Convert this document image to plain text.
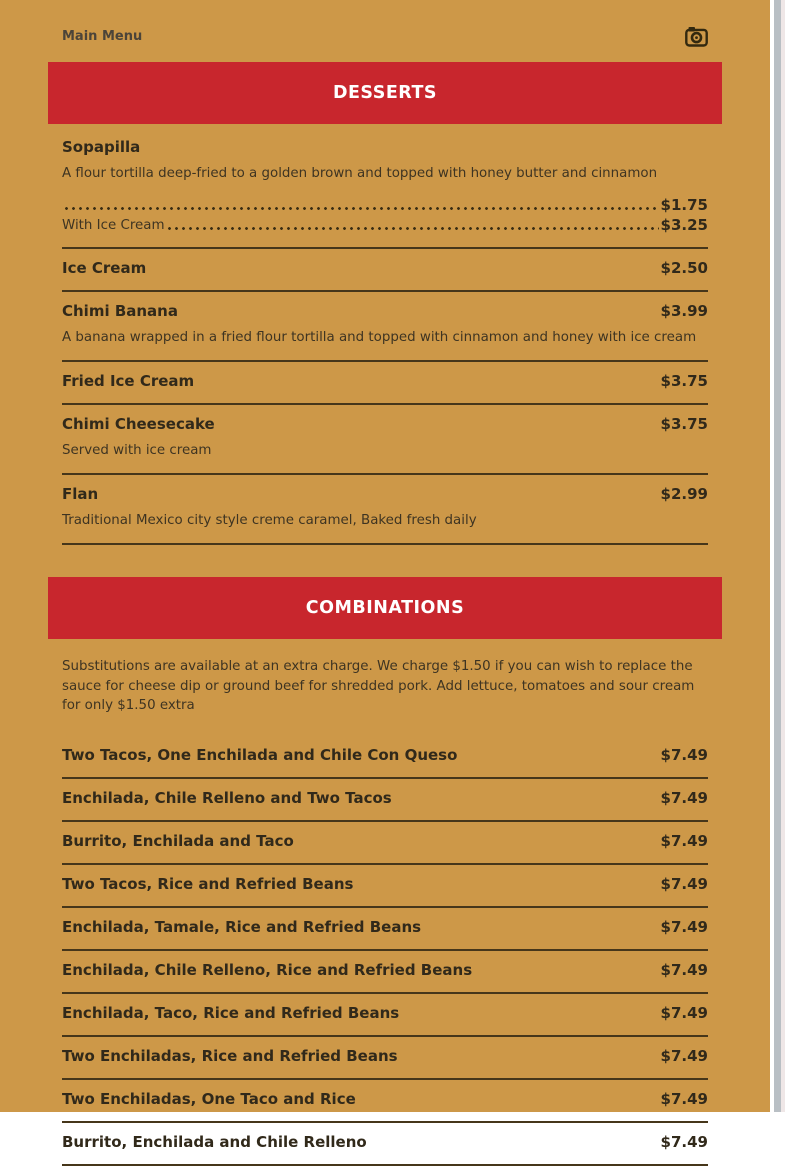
Main Menu
DESSERTS
Sopapilla

A flour tortilla deep-fried to a golden brown and topped with honey butter and cinnamon

$1.75
With Ice Cream	$3.25
Ice Cream	$2.50
Chimi Banana	$3.99

A banana wrapped in a fried flour tortilla and topped with cinnamon and honey with ice cream

Fried Ice Cream	$3.75
Chimi Cheesecake	$3.75

Served with ice cream

Flan	$2.99

Traditional Mexico city style creme caramel, Baked fresh daily

COMBINATIONS

Substitutions are available at an extra charge. We charge $1.50 if you can wish to replace the sauce for cheese dip or ground beef for shredded pork. Add lettuce, tomatoes and sour cream for only $1.50 extra

Two Tacos, One Enchilada and Chile Con Queso	$7.49
Enchilada, Chile Relleno and Two Tacos	$7.49
Burrito, Enchilada and Taco	$7.49
Two Tacos, Rice and Refried Beans	$7.49
Enchilada, Tamale, Rice and Refried Beans	$7.49
Enchilada, Chile Relleno, Rice and Refried Beans	$7.49
Enchilada, Taco, Rice and Refried Beans	$7.49
Two Enchiladas, Rice and Refried Beans	$7.49
Two Enchiladas, One Taco and Rice	$7.49
Burrito, Enchilada and Chile Relleno	$7.49
